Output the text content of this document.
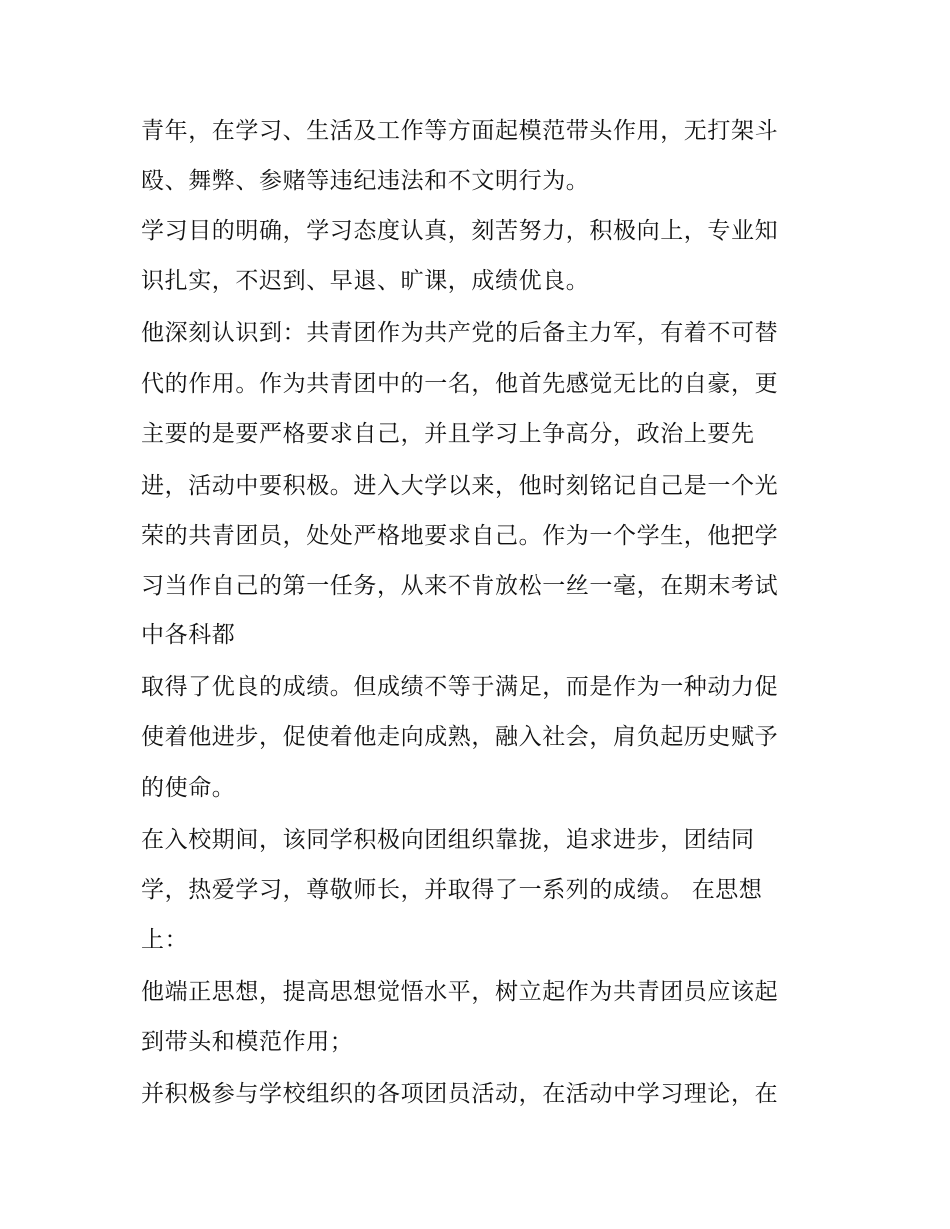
青年，在学习、生活及工作等方面起模范带头作用，无打架斗
殴、舞弊、参赌等违纪违法和不文明行为。
学习目的明确，学习态度认真，刻苦努力，积极向上，专业知
识扎实，不迟到、早退、旷课，成绩优良。
他深刻认识到：共青团作为共产党的后备主力军，有着不可替
代的作用。作为共青团中的一名，他首先感觉无比的自豪，更
主要的是要严格要求自己，并且学习上争高分，政治上要先
进，活动中要积极。进入大学以来，他时刻铭记自己是一个光
荣的共青团员，处处严格地要求自己。作为一个学生，他把学
习当作自己的第一任务，从来不肯放松一丝一毫，在期末考试
中各科都
取得了优良的成绩。但成绩不等于满足，而是作为一种动力促
使着他进步，促使着他走向成熟，融入社会，肩负起历史赋予
的使命。
在入校期间，该同学积极向团组织靠拢，追求进步，团结同
学，热爱学习，尊敬师长，并取得了一系列的成绩。 在思想
上：
他端正思想，提高思想觉悟水平，树立起作为共青团员应该起
到带头和模范作用；
并积极参与学校组织的各项团员活动，在活动中学习理论，在
